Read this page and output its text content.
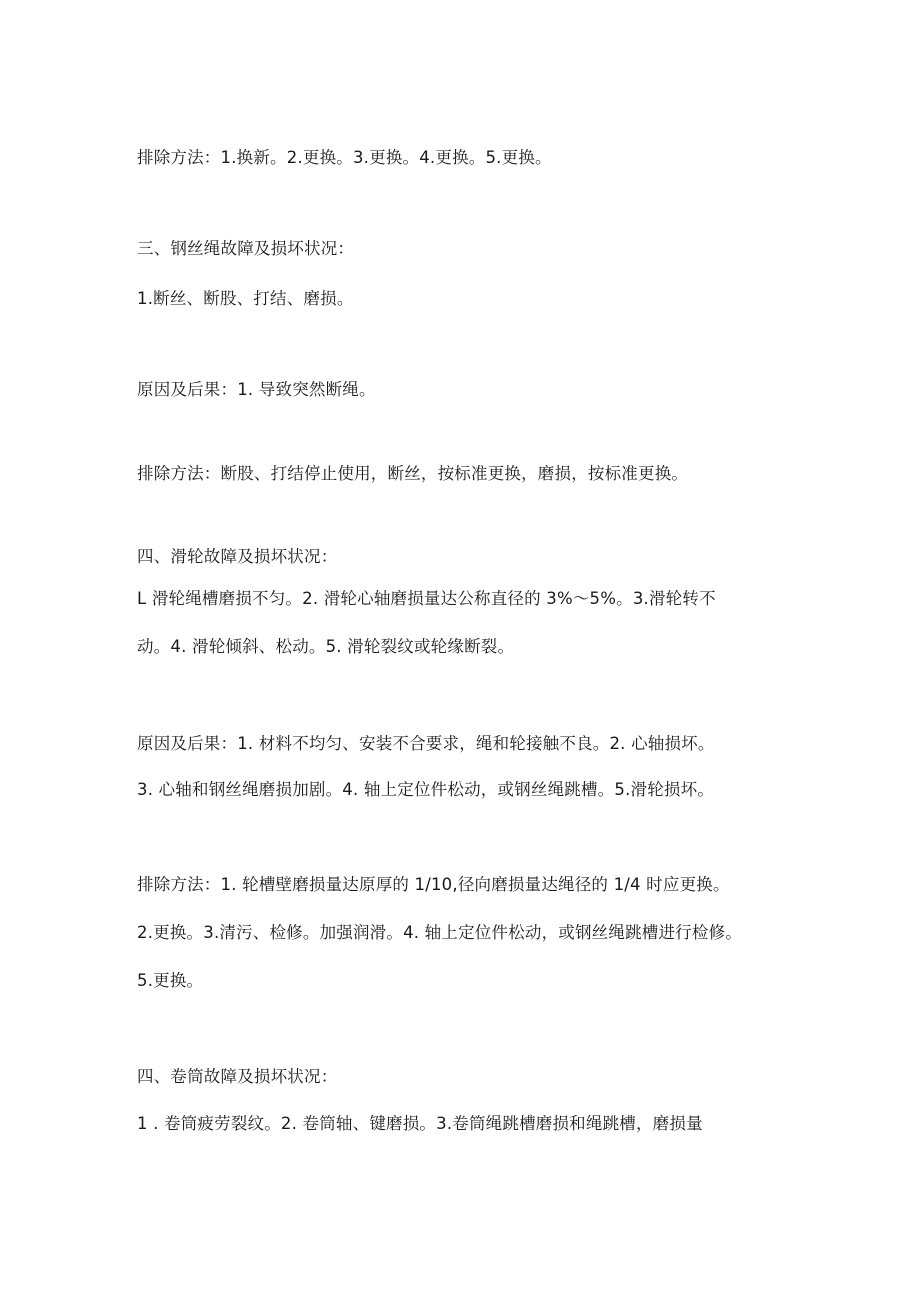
排除方法：1.换新。2.更换。3.更换。4.更换。5.更换。
三、钢丝绳故障及损坏状况：
1.断丝、断股、打结、磨损。
原因及后果：1. 导致突然断绳。
排除方法：断股、打结停止使用，断丝，按标准更换，磨损，按标准更换。
四、滑轮故障及损坏状况：
L 滑轮绳槽磨损不匀。2. 滑轮心轴磨损量达公称直径的 3%～5%。3.滑轮转不
动。4. 滑轮倾斜、松动。5. 滑轮裂纹或轮缘断裂。
原因及后果：1. 材料不均匀、安装不合要求，绳和轮接触不良。2. 心轴损坏。
3. 心轴和钢丝绳磨损加剧。4. 轴上定位件松动，或钢丝绳跳槽。5.滑轮损坏。
排除方法：1. 轮槽壁磨损量达原厚的 1/10,径向磨损量达绳径的 1/4 时应更换。
2.更换。3.清污、检修。加强润滑。4. 轴上定位件松动，或钢丝绳跳槽进行检修。
5.更换。
四、卷筒故障及损坏状况：
1 . 卷筒疲劳裂纹。2. 卷筒轴、键磨损。3.卷筒绳跳槽磨损和绳跳槽，磨损量
